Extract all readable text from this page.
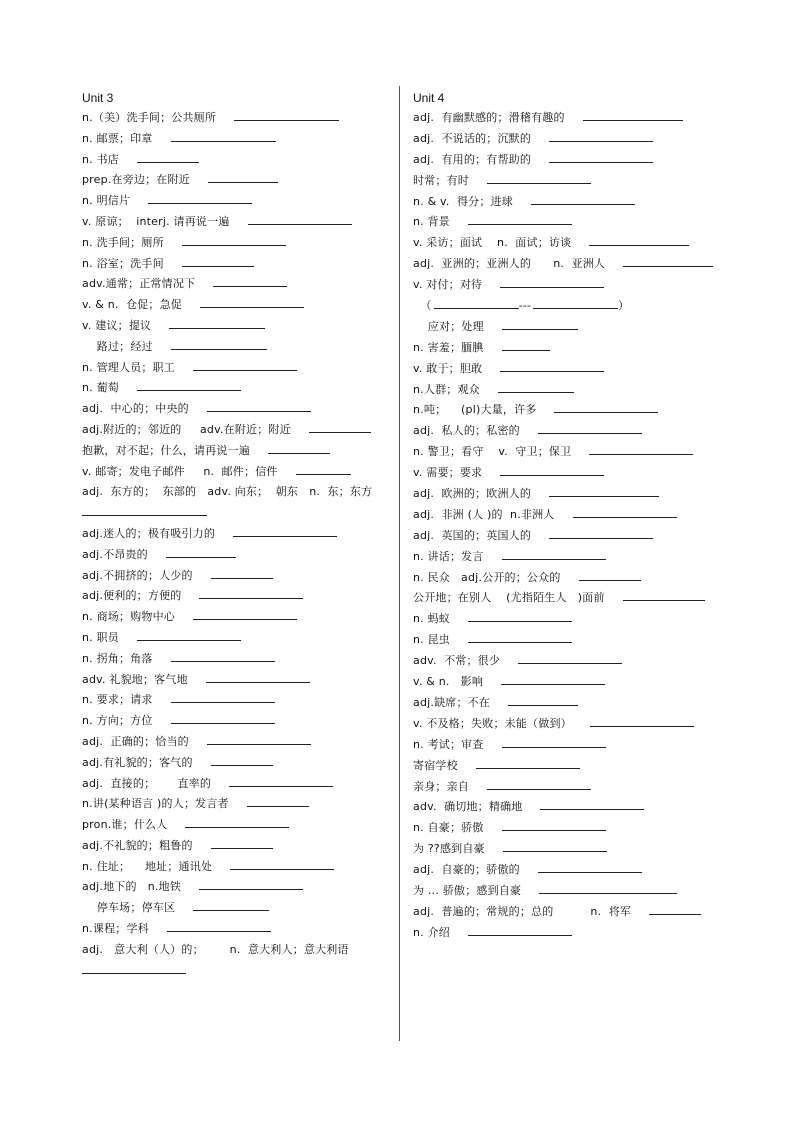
Unit 3
n.（美）洗手间；公共厕所
n. 邮票；印章
n. 书店
prep.在旁边；在附近
n. 明信片
v. 原谅；  interj. 请再说一遍
n. 洗手间；厕所
n. 浴室；洗手间
adv.通常；正常情况下
v. & n.  仓促；急促
v. 建议；提议
路过；经过
n. 管理人员；职工
n. 葡萄
adj.  中心的；中央的
adj.附近的；邻近的     adv.在附近；附近
抱歉，对不起；什么，请再说一遍
v. 邮寄；发电子邮件     n.  邮件；信件
adj.  东方的；  东部的   adv. 向东；  朝东   n.  东；东方
adj.迷人的；极有吸引力的
adj.不昂贵的
adj.不拥挤的；人少的
adj.便利的；方便的
n. 商场；购物中心
n. 职员
n. 拐角；角落
adv. 礼貌地；客气地
n. 要求；请求
n. 方向；方位
adj.  正确的；恰当的
adj.有礼貌的；客气的
adj.  直接的；      直率的
n.讲(某种语言 )的人；发言者
pron.谁；什么人
adj.不礼貌的；粗鲁的
n. 住址；    地址；通讯处
adj.地下的   n.地铁
停车场；停车区
n.课程；学科
adj.   意大利（人）的；       n.  意大利人；意大利语
Unit 4
adj.  有幽默感的；滑稽有趣的
adj.  不说话的；沉默的
adj.  有用的；有帮助的
时常；有时
n. & v.  得分；进球
n. 背景
v. 采访；面试    n.  面试；访谈
adj.  亚洲的；亚洲人的      n.  亚洲人
v. 对付；对待
（	---	）
应对；处理
n. 害羞；腼腆
v. 敢于；胆敢
n.人群；观众
n.吨；    (pl)大量，许多
adj.  私人的；私密的
n. 警卫；看守    v.  守卫；保卫
v. 需要；要求
adj.  欧洲的；欧洲人的
adj.  非洲 (人 )的  n.非洲人
adj.  英国的；英国人的
n. 讲话；发言
n. 民众   adj.公开的；公众的
公开地；在别人    (尤指陌生人   )面前
n. 蚂蚁
n. 昆虫
adv.  不常；很少
v. & n.   影响
adj.缺席；不在
v. 不及格；失败；未能（做到）
n. 考试；审查
寄宿学校
亲身；亲自
adv.  确切地；精确地
n. 自豪；骄傲
为 ??感到自豪
adj.  自豪的；骄傲的
为 … 骄傲；感到自豪
adj.  普遍的；常规的；总的          n.  将军
n. 介绍
